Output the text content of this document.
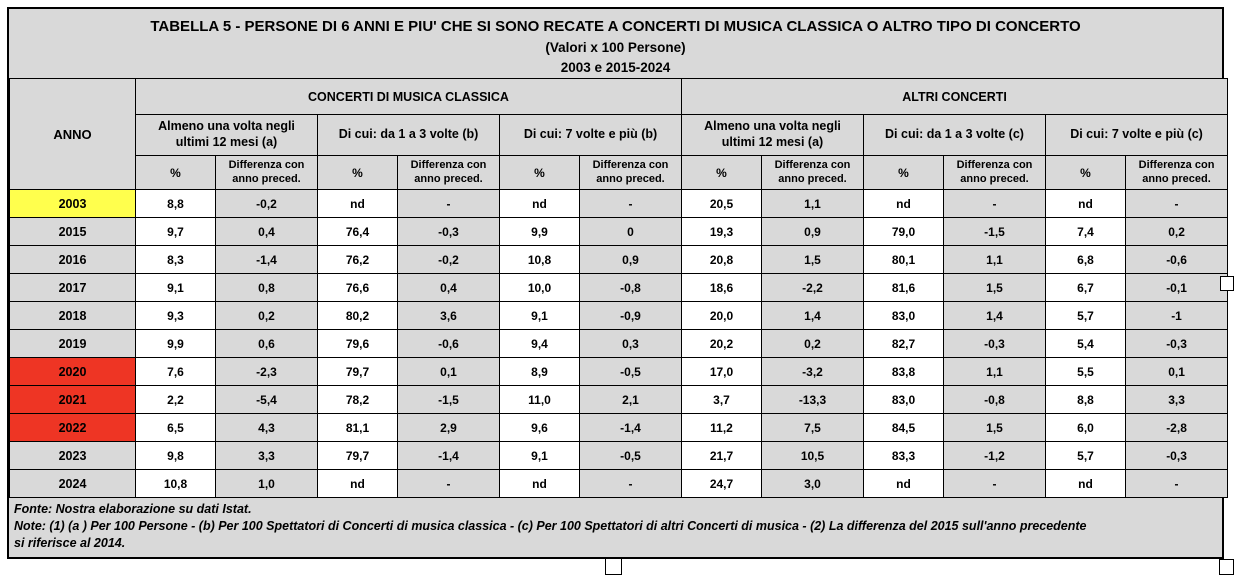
TABELLA 5 - PERSONE DI 6 ANNI E PIU' CHE SI SONO RECATE A CONCERTI DI MUSICA CLASSICA O ALTRO TIPO DI CONCERTO
(Valori x 100 Persone)
2003 e 2015-2024
ANNO	CONCERTI DI MUSICA CLASSICA						ALTRI CONCERTI					
	Almeno una volta negli ultimi 12 mesi (a)		Di cui: da 1 a 3 volte (b)		Di cui: 7 volte e più (b)		Almeno una volta negli ultimi 12 mesi (a)		Di cui: da 1 a 3 volte (c)		Di cui: 7 volte e più (c)	
	%	Differenza con anno preced.	%	Differenza con anno preced.	%	Differenza con anno preced.	%	Differenza con anno preced.	%	Differenza con anno preced.	%	Differenza con anno preced.
2003	8,8	-0,2	nd	-	nd	-	20,5	1,1	nd	-	nd	-
2015	9,7	0,4	76,4	-0,3	9,9	0	19,3	0,9	79,0	-1,5	7,4	0,2
2016	8,3	-1,4	76,2	-0,2	10,8	0,9	20,8	1,5	80,1	1,1	6,8	-0,6
2017	9,1	0,8	76,6	0,4	10,0	-0,8	18,6	-2,2	81,6	1,5	6,7	-0,1
2018	9,3	0,2	80,2	3,6	9,1	-0,9	20,0	1,4	83,0	1,4	5,7	-1
2019	9,9	0,6	79,6	-0,6	9,4	0,3	20,2	0,2	82,7	-0,3	5,4	-0,3
2020	7,6	-2,3	79,7	0,1	8,9	-0,5	17,0	-3,2	83,8	1,1	5,5	0,1
2021	2,2	-5,4	78,2	-1,5	11,0	2,1	3,7	-13,3	83,0	-0,8	8,8	3,3
2022	6,5	4,3	81,1	2,9	9,6	-1,4	11,2	7,5	84,5	1,5	6,0	-2,8
2023	9,8	3,3	79,7	-1,4	9,1	-0,5	21,7	10,5	83,3	-1,2	5,7	-0,3
2024	10,8	1,0	nd	-	nd	-	24,7	3,0	nd	-	nd	-
Fonte: Nostra elaborazione su dati Istat.
Note: (1) (a ) Per 100 Persone - (b) Per 100 Spettatori di Concerti di musica classica - (c) Per 100 Spettatori di altri Concerti di musica - (2) La differenza del 2015 sull'anno precedente
si riferisce al 2014.
